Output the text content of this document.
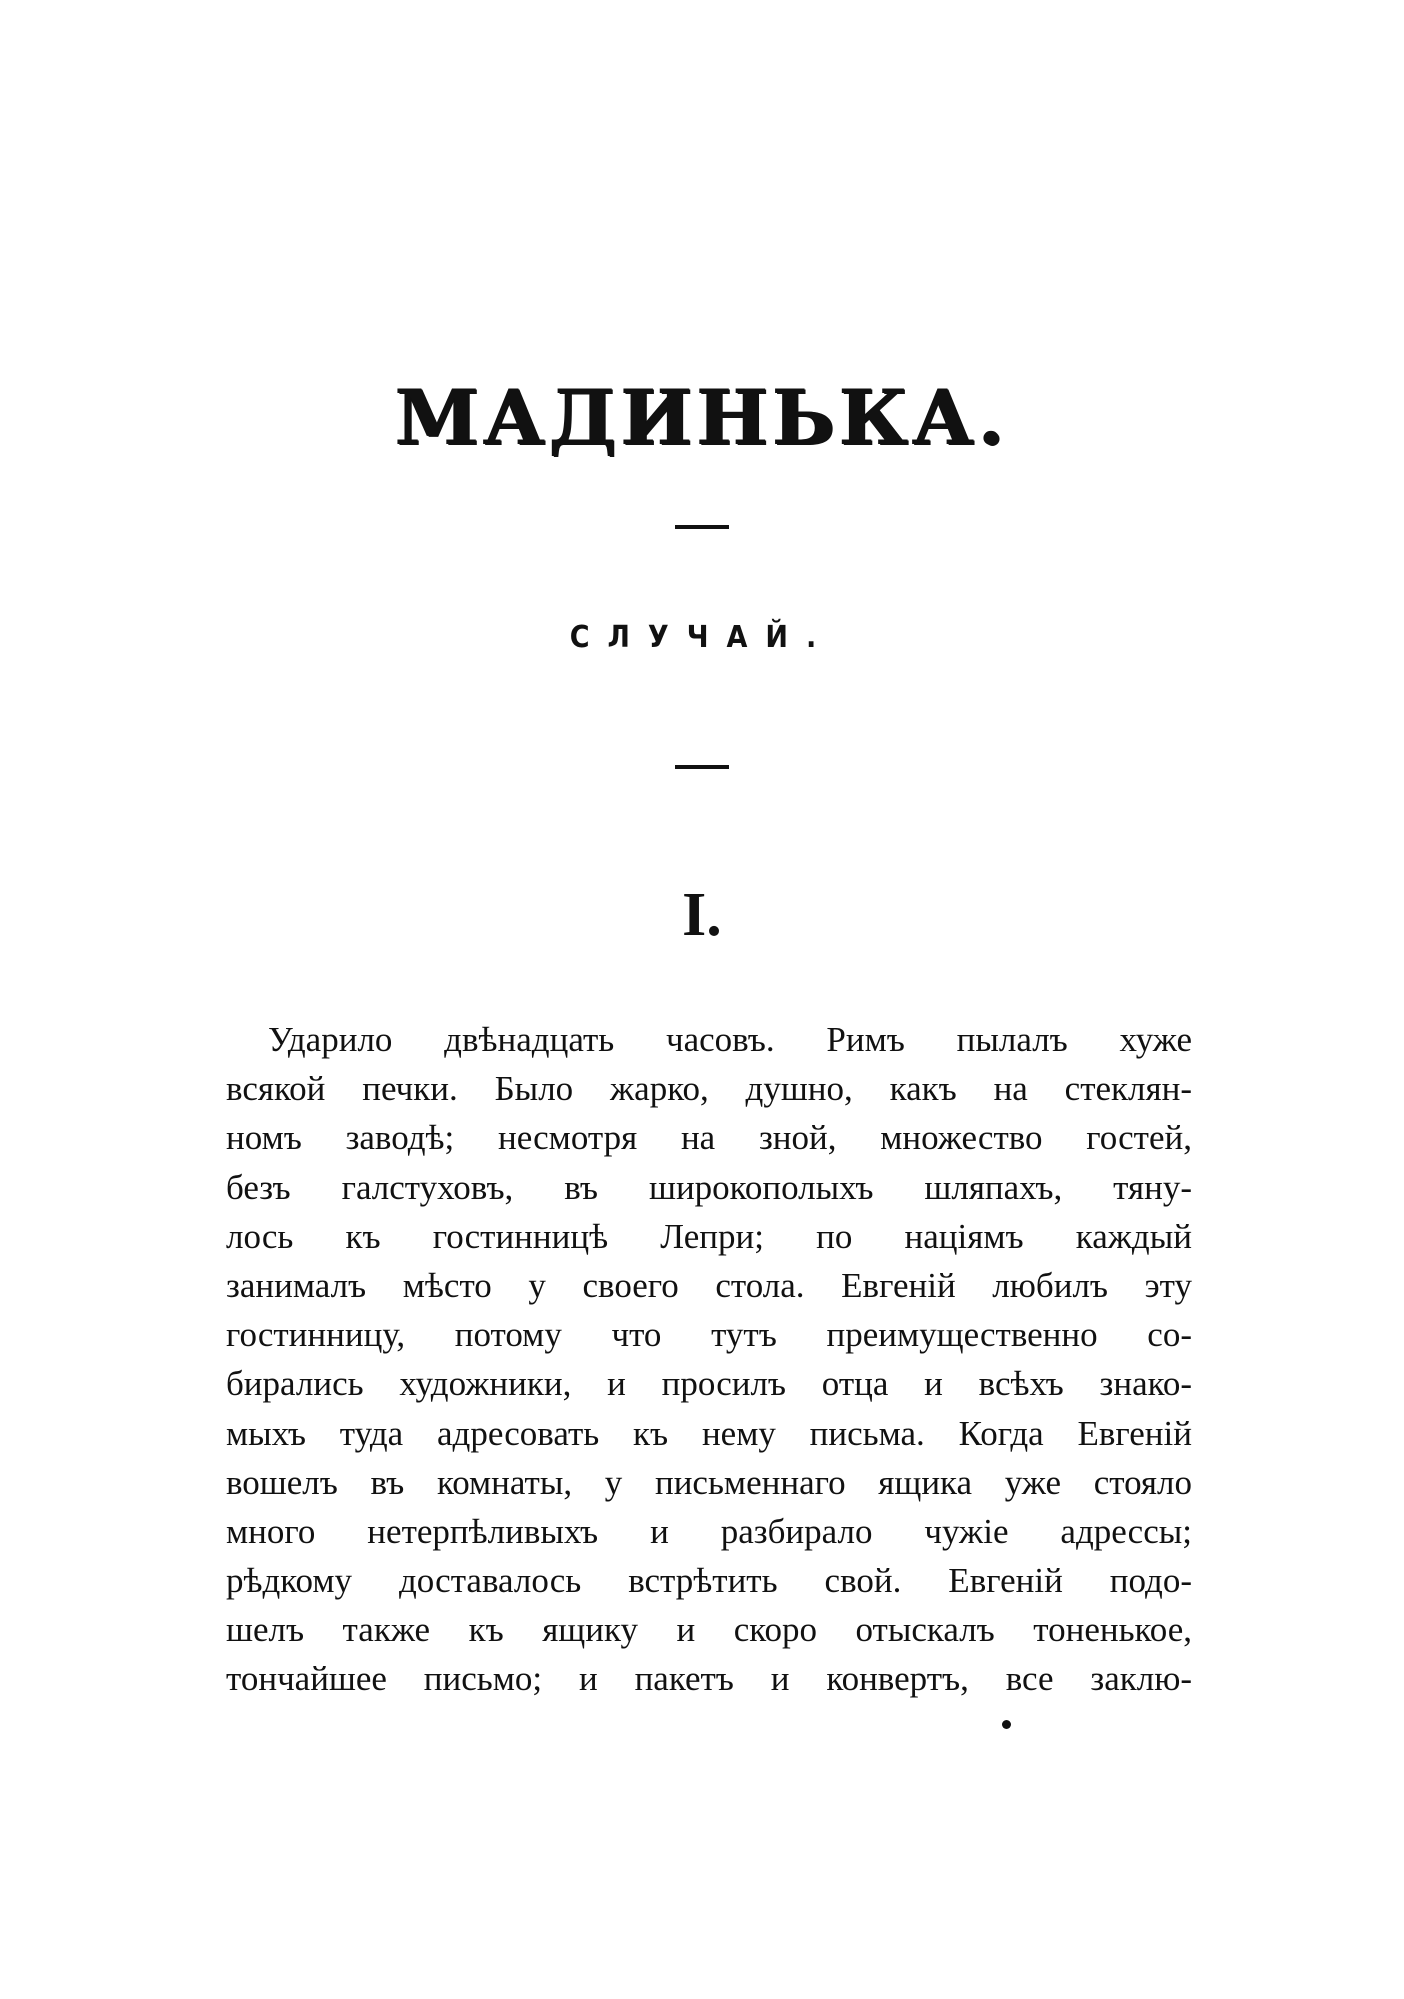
МАДИНЬКА.
СЛУЧАЙ.
I.
Ударило двѣнадцать часовъ. Римъ пылалъ хуже
всякой печки. Было жарко, душно, какъ на стеклян-
номъ заводѣ; несмотря на зной, множество гостей,
безъ галстуховъ, въ широкополыхъ шляпахъ, тяну-
лось къ гостинницѣ Лепри; по націямъ каждый
занималъ мѣсто у своего стола. Евгеній любилъ эту
гостинницу, потому что тутъ преимущественно со-
бирались художники, и просилъ отца и всѣхъ знако-
мыхъ туда адресовать къ нему письма. Когда Евгеній
вошелъ въ комнаты, у письменнаго ящика уже стояло
много нетерпѣливыхъ и разбирало чужіе адрессы;
рѣдкому доставалось встрѣтить свой. Евгеній подо-
шелъ также къ ящику и скоро отыскалъ тоненькое,
тончайшее письмо; и пакетъ и конвертъ, все заклю-
